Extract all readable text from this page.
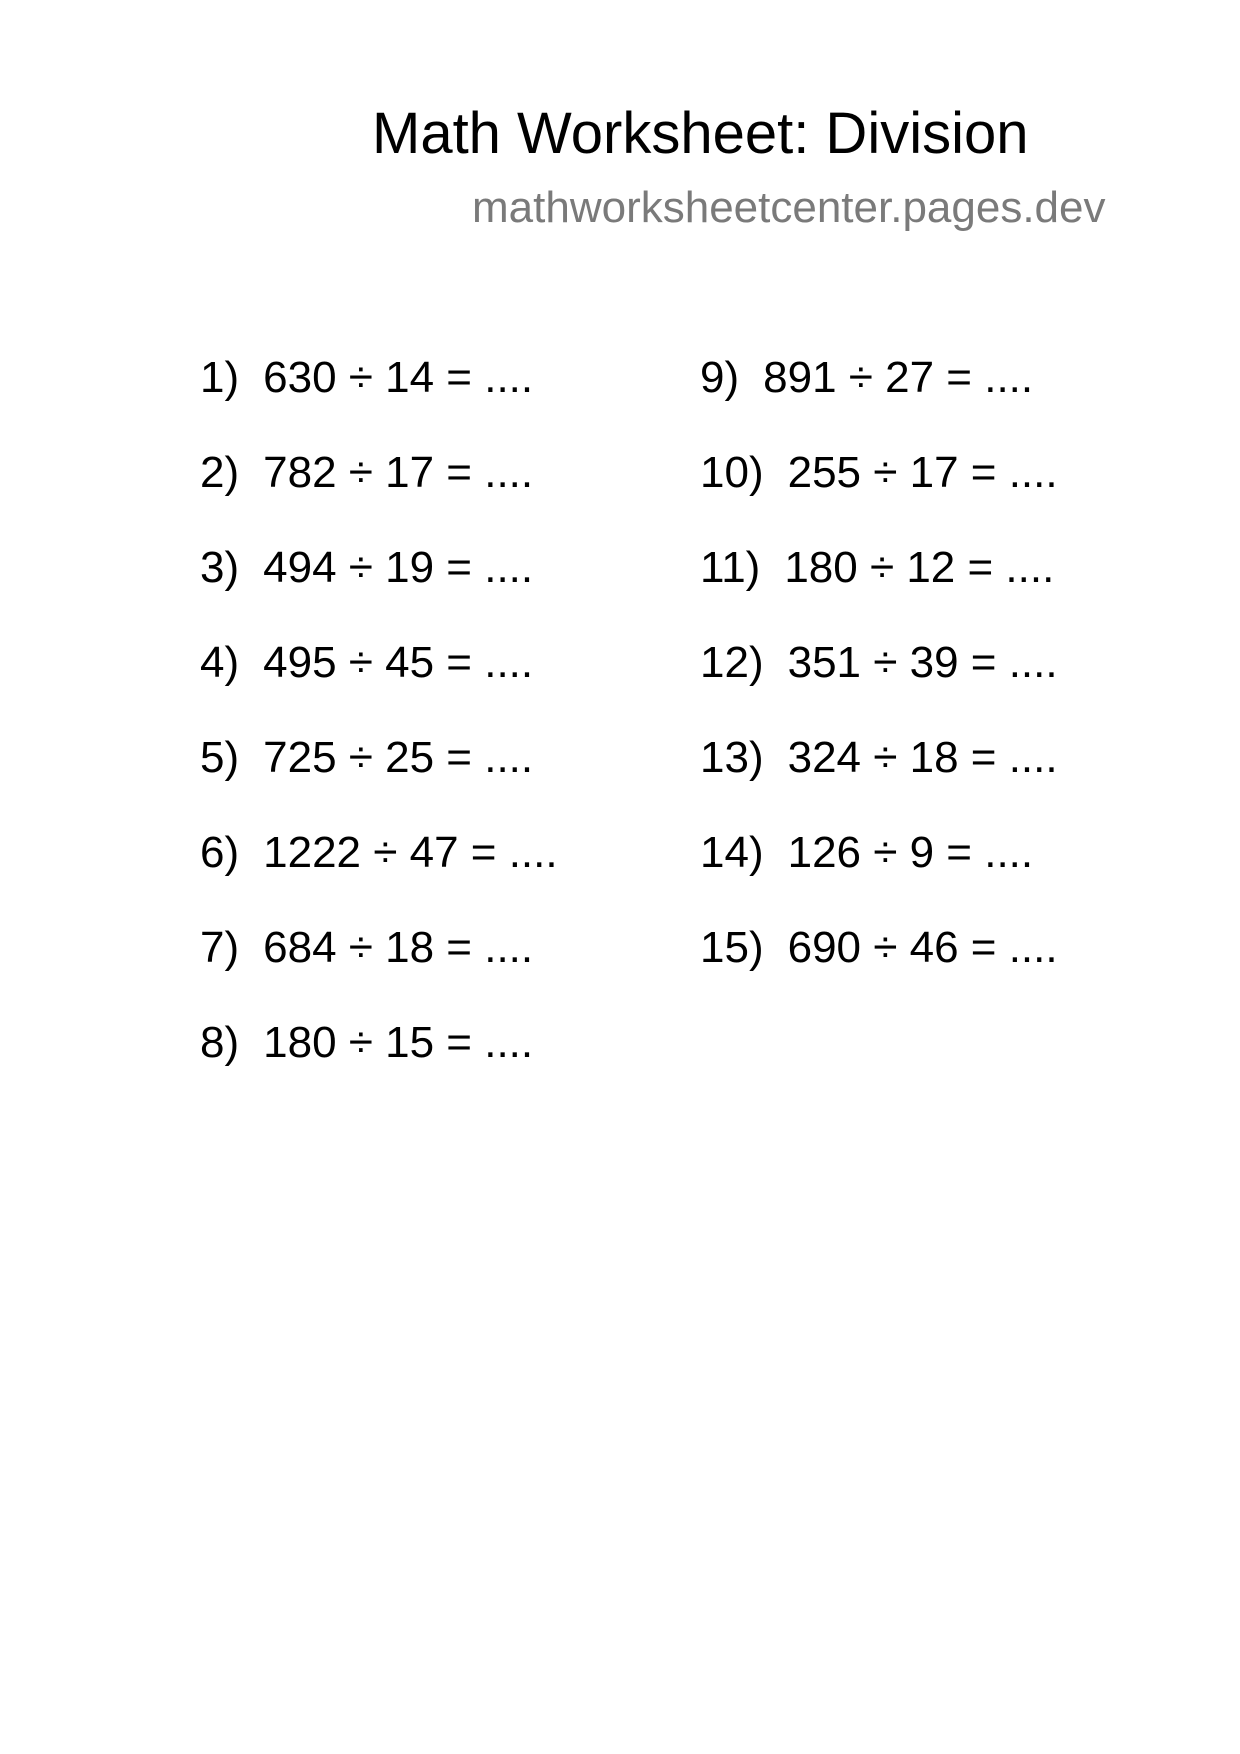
Math Worksheet: Division
mathworksheetcenter.pages.dev
1) 630 ÷ 14 = ....
2) 782 ÷ 17 = ....
3) 494 ÷ 19 = ....
4) 495 ÷ 45 = ....
5) 725 ÷ 25 = ....
6) 1222 ÷ 47 = ....
7) 684 ÷ 18 = ....
8) 180 ÷ 15 = ....
9) 891 ÷ 27 = ....
10) 255 ÷ 17 = ....
11) 180 ÷ 12 = ....
12) 351 ÷ 39 = ....
13) 324 ÷ 18 = ....
14) 126 ÷ 9 = ....
15) 690 ÷ 46 = ....
